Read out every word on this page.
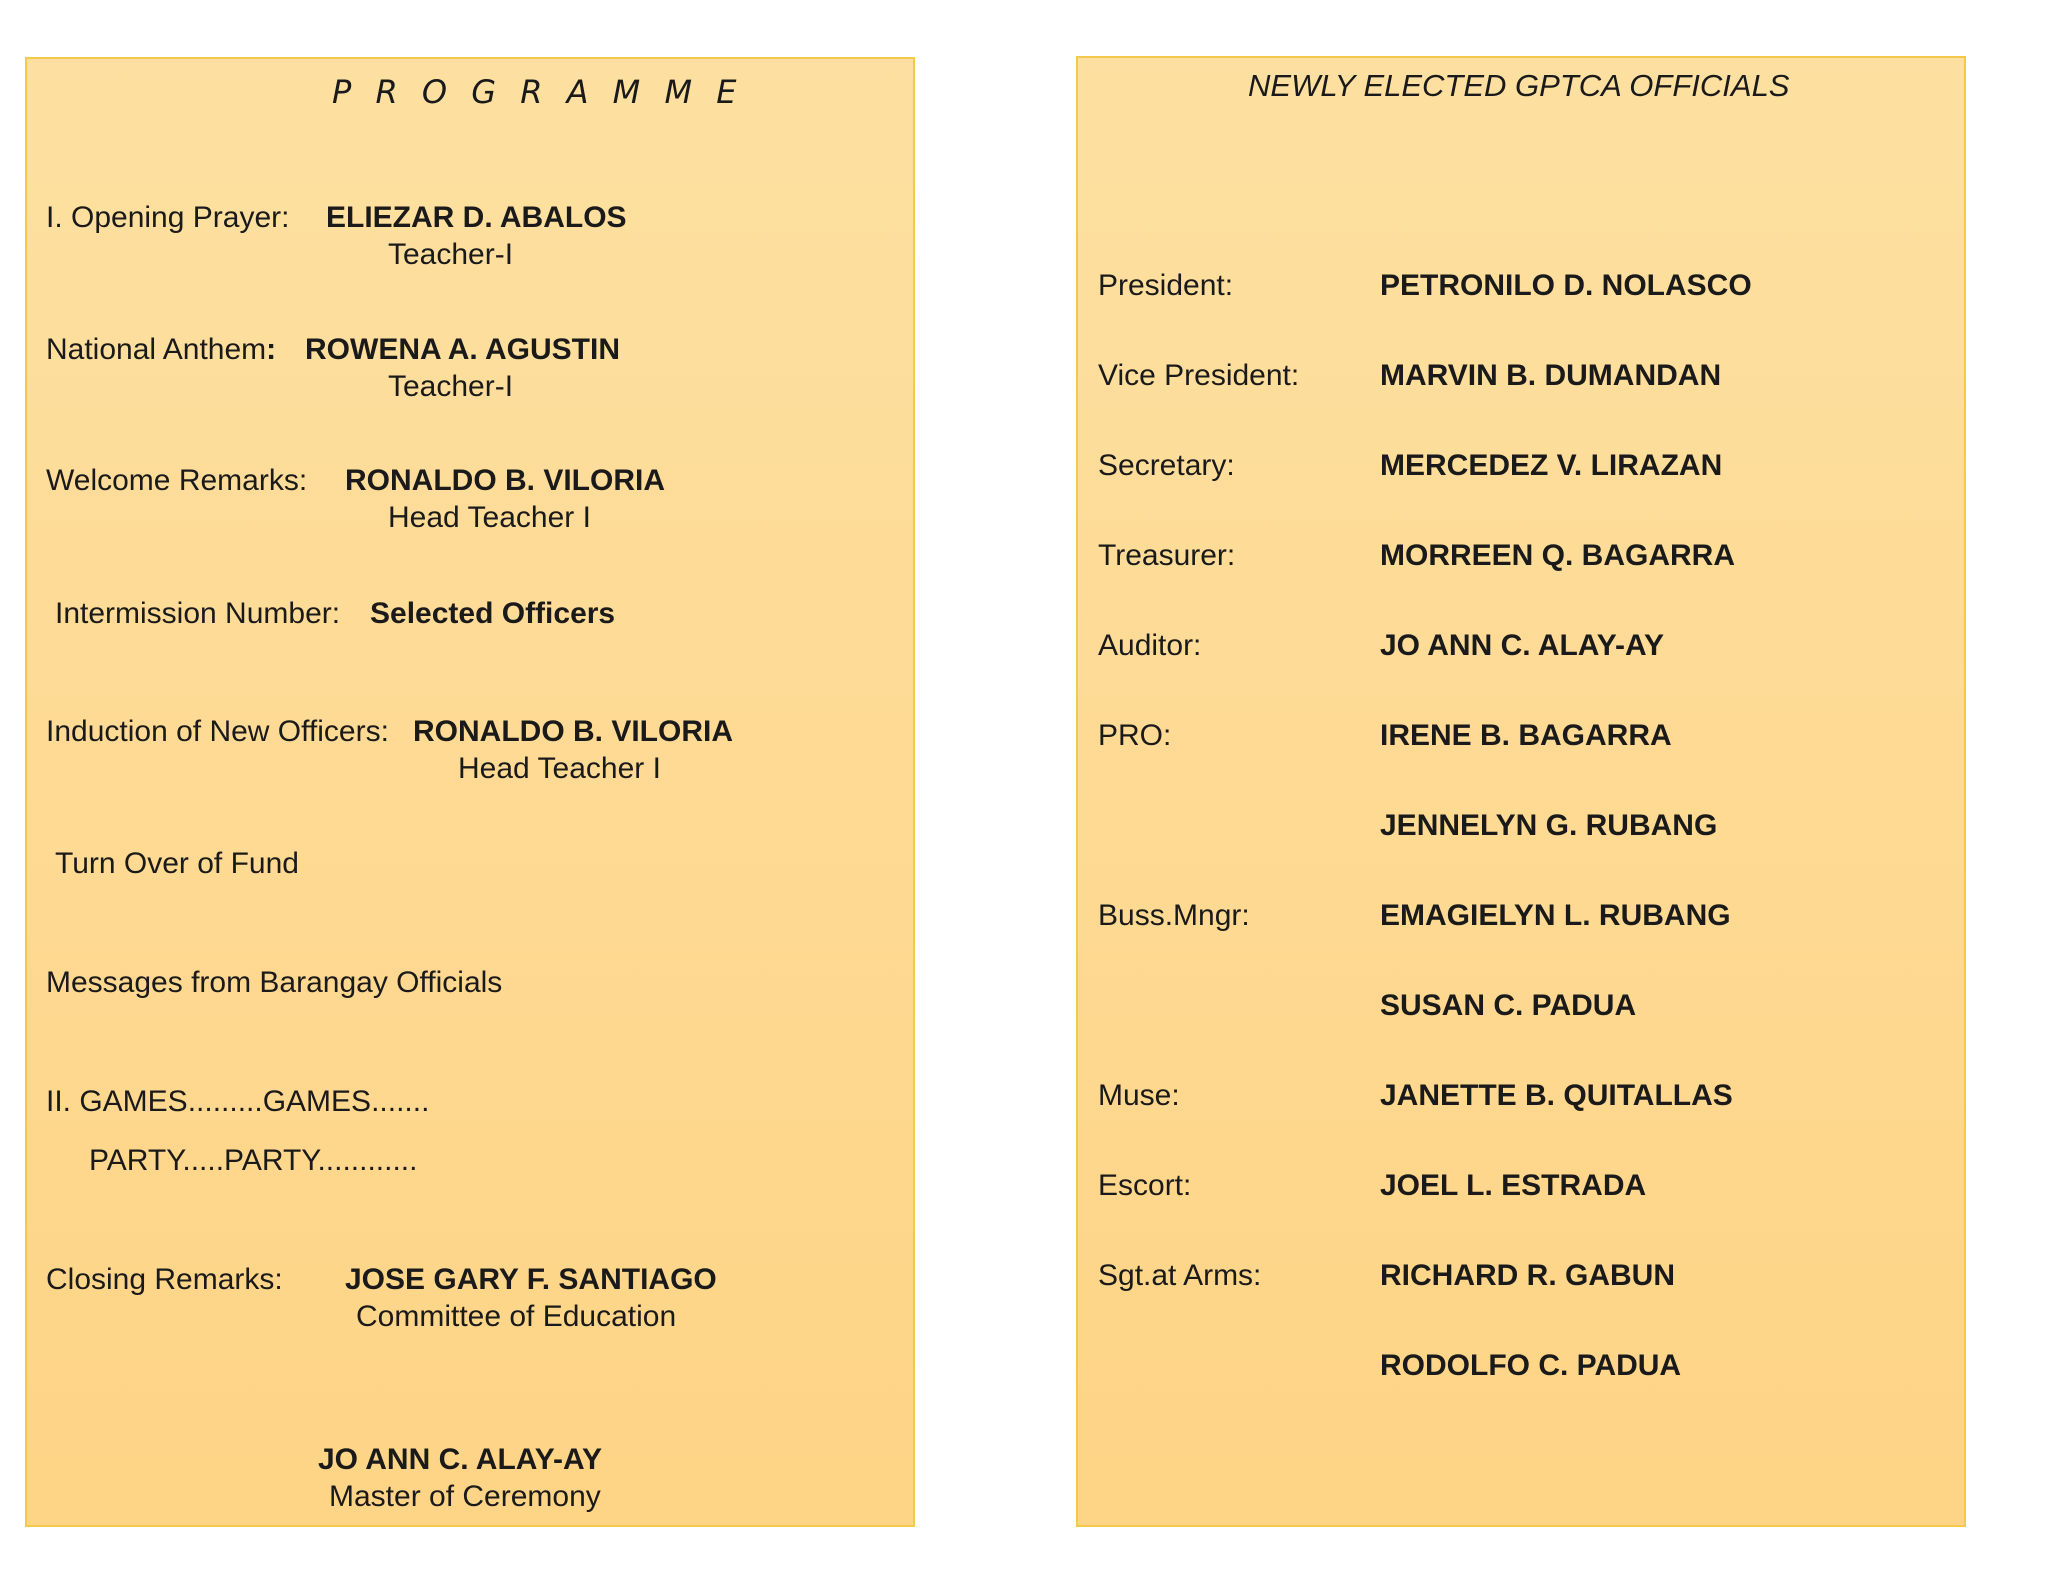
P R O G R A M M E
I. Opening Prayer: ELIEZAR D. ABALOS
Teacher-I
National Anthem: ROWENA A. AGUSTIN
Teacher-I
Welcome Remarks: RONALDO B. VILORIA
Head Teacher I
Intermission Number: Selected Officers
Induction of New Officers: RONALDO B. VILORIA
Head Teacher I
Turn Over of Fund
Messages from Barangay Officials
II. GAMES.........GAMES.......
PARTY.....PARTY............
Closing Remarks: JOSE GARY F. SANTIAGO
Committee of Education
JO ANN C. ALAY-AY
Master of Ceremony
NEWLY ELECTED GPTCA OFFICIALS
President:	PETRONILO D. NOLASCO
Vice President:	MARVIN B. DUMANDAN
Secretary:	MERCEDEZ V. LIRAZAN
Treasurer:	MORREEN Q. BAGARRA
Auditor:	JO ANN C. ALAY-AY
PRO:	IRENE B. BAGARRA
JENNELYN G. RUBANG
Buss.Mngr:	EMAGIELYN L. RUBANG
SUSAN C. PADUA
Muse:	JANETTE B. QUITALLAS
Escort:	JOEL L. ESTRADA
Sgt.at Arms:	RICHARD R. GABUN
RODOLFO C. PADUA
